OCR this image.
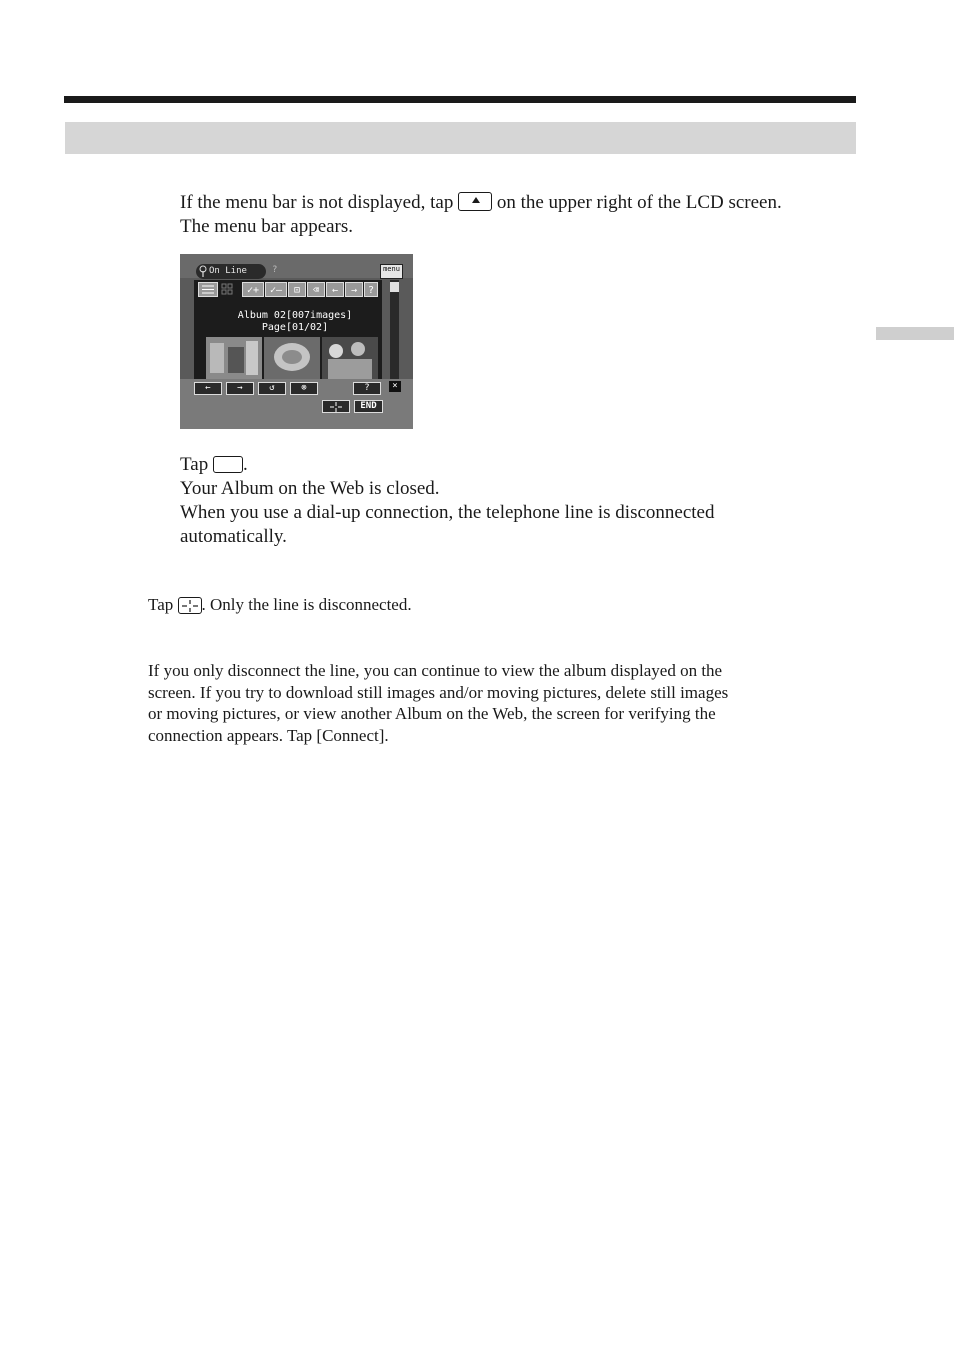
If the menu bar is not displayed, tap on the upper right of the LCD screen.
The menu bar appears.
On Line	?	menu
✓+	✓–	⊡	⌫	←	→	?
Album 02[007images]
Page[01/02]
←	→	↺	⊗	?	×
END
Tap .
Your Album on the Web is closed.
When you use a dial-up connection, the telephone line is disconnected
automatically.
Tap . Only the line is disconnected.
If you only disconnect the line, you can continue to view the album displayed on the
screen. If you try to download still images and/or moving pictures, delete still images
or moving pictures, or view another Album on the Web, the screen for verifying the
connection appears. Tap [Connect].
